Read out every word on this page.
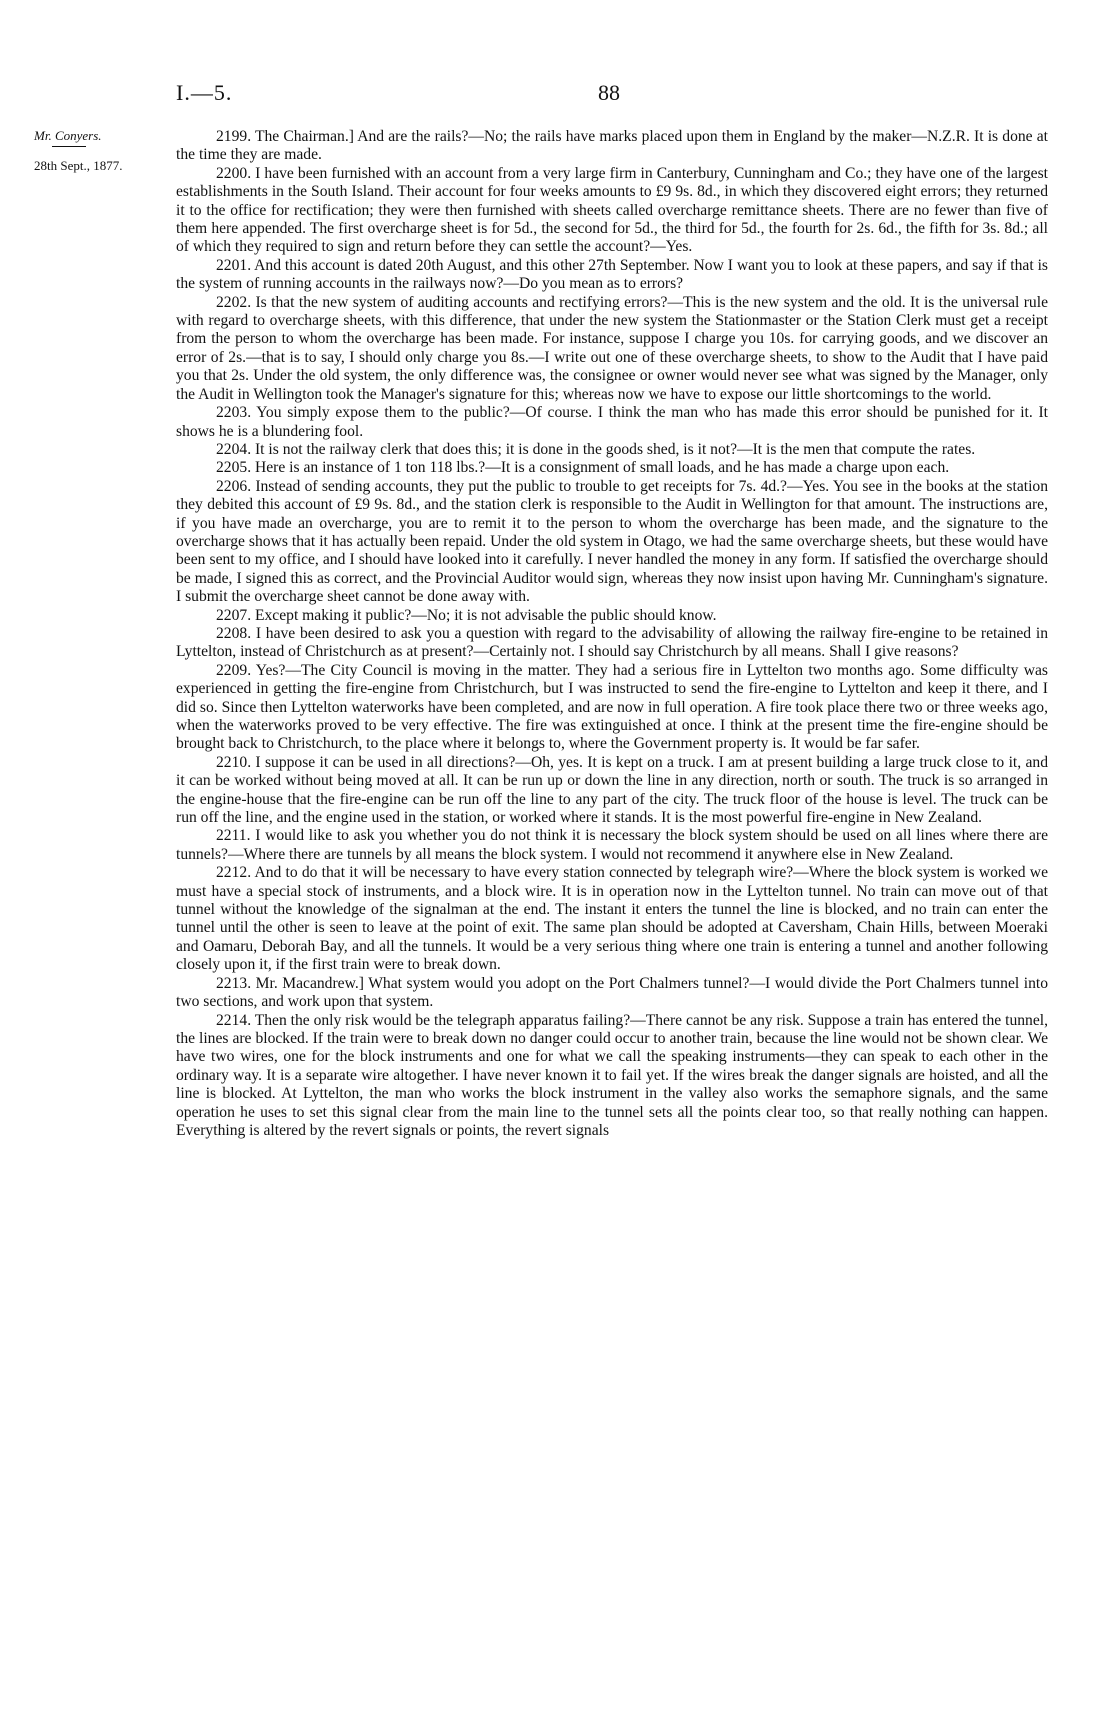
I.—5.	88
Mr. Conyers.
28th Sept., 1877.

2199. The Chairman.] And are the rails?—No; the rails have marks placed upon them in England by the maker—N.Z.R. It is done at the time they are made.

2200. I have been furnished with an account from a very large firm in Canterbury, Cunningham and Co.; they have one of the largest establishments in the South Island. Their account for four weeks amounts to £9 9s. 8d., in which they discovered eight errors; they returned it to the office for rectification; they were then furnished with sheets called overcharge remittance sheets. There are no fewer than five of them here appended. The first overcharge sheet is for 5d., the second for 5d., the third for 5d., the fourth for 2s. 6d., the fifth for 3s. 8d.; all of which they required to sign and return before they can settle the account?—Yes.

2201. And this account is dated 20th August, and this other 27th September. Now I want you to look at these papers, and say if that is the system of running accounts in the railways now?—Do you mean as to errors?

2202. Is that the new system of auditing accounts and rectifying errors?—This is the new system and the old. It is the universal rule with regard to overcharge sheets, with this difference, that under the new system the Stationmaster or the Station Clerk must get a receipt from the person to whom the overcharge has been made. For instance, suppose I charge you 10s. for carrying goods, and we discover an error of 2s.—that is to say, I should only charge you 8s.—I write out one of these overcharge sheets, to show to the Audit that I have paid you that 2s. Under the old system, the only difference was, the consignee or owner would never see what was signed by the Manager, only the Audit in Wellington took the Manager's signature for this; whereas now we have to expose our little shortcomings to the world.

2203. You simply expose them to the public?—Of course. I think the man who has made this error should be punished for it. It shows he is a blundering fool.

2204. It is not the railway clerk that does this; it is done in the goods shed, is it not?—It is the men that compute the rates.

2205. Here is an instance of 1 ton 118 lbs.?—It is a consignment of small loads, and he has made a charge upon each.

2206. Instead of sending accounts, they put the public to trouble to get receipts for 7s. 4d.?—Yes. You see in the books at the station they debited this account of £9 9s. 8d., and the station clerk is responsible to the Audit in Wellington for that amount. The instructions are, if you have made an overcharge, you are to remit it to the person to whom the overcharge has been made, and the signature to the overcharge shows that it has actually been repaid. Under the old system in Otago, we had the same overcharge sheets, but these would have been sent to my office, and I should have looked into it carefully. I never handled the money in any form. If satisfied the overcharge should be made, I signed this as correct, and the Provincial Auditor would sign, whereas they now insist upon having Mr. Cunningham's signature. I submit the overcharge sheet cannot be done away with.

2207. Except making it public?—No; it is not advisable the public should know.

2208. I have been desired to ask you a question with regard to the advisability of allowing the railway fire-engine to be retained in Lyttelton, instead of Christchurch as at present?—Certainly not. I should say Christchurch by all means. Shall I give reasons?

2209. Yes?—The City Council is moving in the matter. They had a serious fire in Lyttelton two months ago. Some difficulty was experienced in getting the fire-engine from Christchurch, but I was instructed to send the fire-engine to Lyttelton and keep it there, and I did so. Since then Lyttelton waterworks have been completed, and are now in full operation. A fire took place there two or three weeks ago, when the waterworks proved to be very effective. The fire was extinguished at once. I think at the present time the fire-engine should be brought back to Christchurch, to the place where it belongs to, where the Government property is. It would be far safer.

2210. I suppose it can be used in all directions?—Oh, yes. It is kept on a truck. I am at present building a large truck close to it, and it can be worked without being moved at all. It can be run up or down the line in any direction, north or south. The truck is so arranged in the engine-house that the fire-engine can be run off the line to any part of the city. The truck floor of the house is level. The truck can be run off the line, and the engine used in the station, or worked where it stands. It is the most powerful fire-engine in New Zealand.

2211. I would like to ask you whether you do not think it is necessary the block system should be used on all lines where there are tunnels?—Where there are tunnels by all means the block system. I would not recommend it anywhere else in New Zealand.

2212. And to do that it will be necessary to have every station connected by telegraph wire?—Where the block system is worked we must have a special stock of instruments, and a block wire. It is in operation now in the Lyttelton tunnel. No train can move out of that tunnel without the knowledge of the signalman at the end. The instant it enters the tunnel the line is blocked, and no train can enter the tunnel until the other is seen to leave at the point of exit. The same plan should be adopted at Caversham, Chain Hills, between Moeraki and Oamaru, Deborah Bay, and all the tunnels. It would be a very serious thing where one train is entering a tunnel and another following closely upon it, if the first train were to break down.

2213. Mr. Macandrew.] What system would you adopt on the Port Chalmers tunnel?—I would divide the Port Chalmers tunnel into two sections, and work upon that system.

2214. Then the only risk would be the telegraph apparatus failing?—There cannot be any risk. Suppose a train has entered the tunnel, the lines are blocked. If the train were to break down no danger could occur to another train, because the line would not be shown clear. We have two wires, one for the block instruments and one for what we call the speaking instruments—they can speak to each other in the ordinary way. It is a separate wire altogether. I have never known it to fail yet. If the wires break the danger signals are hoisted, and all the line is blocked. At Lyttelton, the man who works the block instrument in the valley also works the semaphore signals, and the same operation he uses to set this signal clear from the main line to the tunnel sets all the points clear too, so that really nothing can happen. Everything is altered by the revert signals or points, the revert signals
